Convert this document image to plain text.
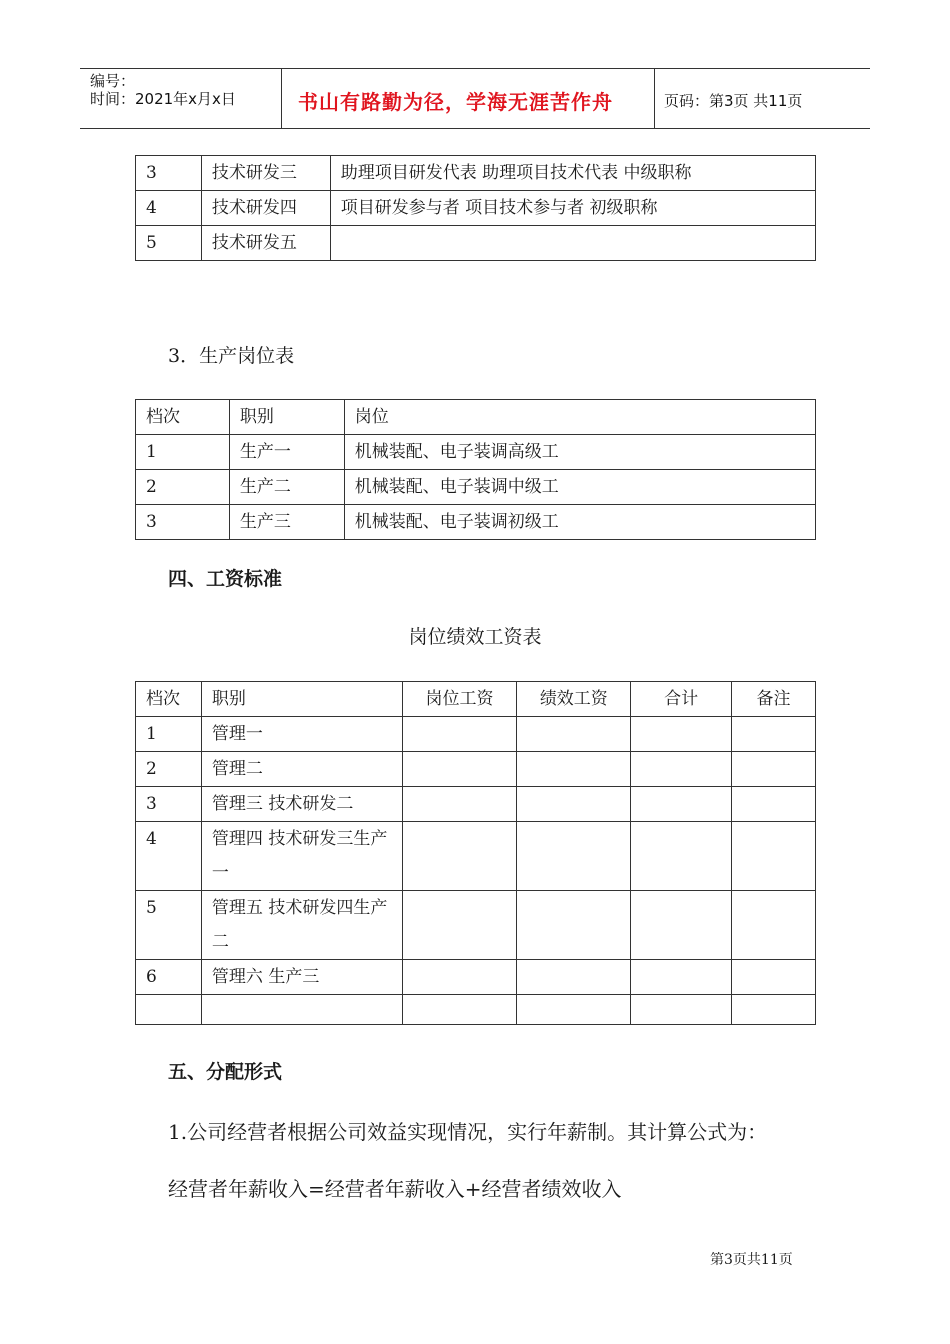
编号：
时间：2021年x月x日	书山有路勤为径，学海无涯苦作舟	页码：第3页 共11页
3	技术研发三	助理项目研发代表 助理项目技术代表 中级职称
4	技术研发四	项目研发参与者 项目技术参与者 初级职称
5	技术研发五	
3．生产岗位表
档次	职别	岗位
1	生产一	机械装配、电子装调高级工
2	生产二	机械装配、电子装调中级工
3	生产三	机械装配、电子装调初级工
四、工资标准
岗位绩效工资表
档次	职别	岗位工资	绩效工资	合计	备注
1	管理一				
2	管理二				
3	管理三 技术研发二				
4	管理四 技术研发三生产一				
5	管理五 技术研发四生产二				
6	管理六 生产三				

五、分配形式
1.公司经营者根据公司效益实现情况，实行年薪制。其计算公式为：
经营者年薪收入=经营者年薪收入+经营者绩效收入
第3页共11页
